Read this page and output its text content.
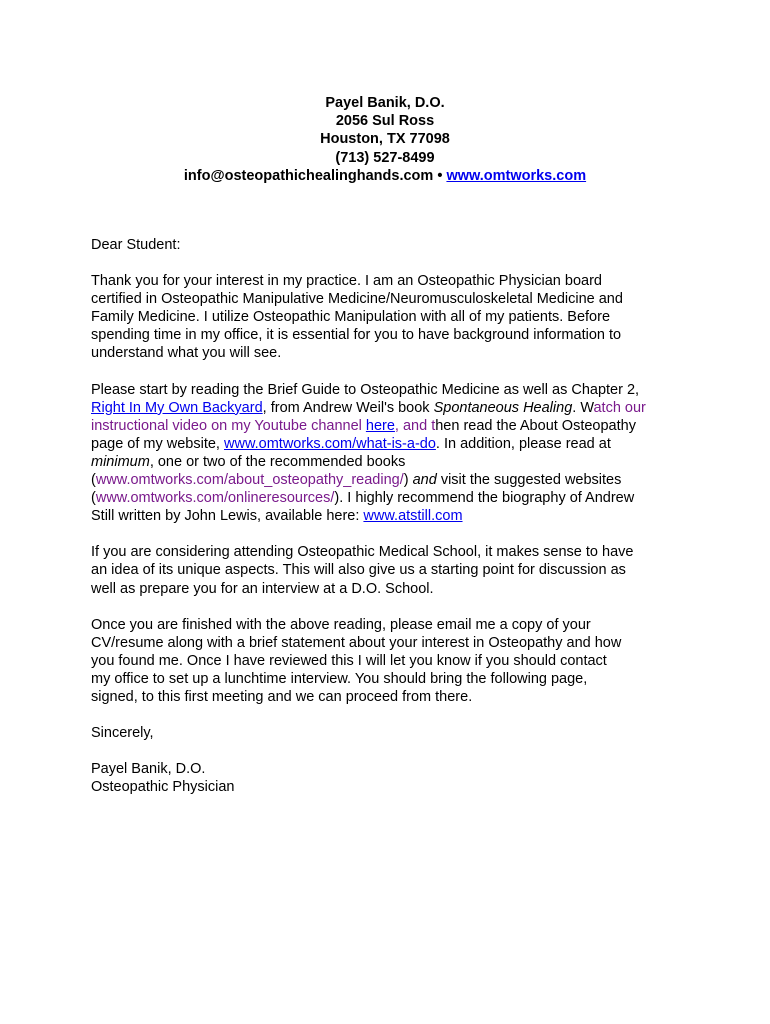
Payel Banik, D.O.
2056 Sul Ross
Houston, TX 77098
(713) 527-8499
info@osteopathichealinghands.com • www.omtworks.com
Dear Student:
Thank you for your interest in my practice. I am an Osteopathic Physician board
certified in Osteopathic Manipulative Medicine/Neuromusculoskeletal Medicine and
Family Medicine. I utilize Osteopathic Manipulation with all of my patients. Before
spending time in my office, it is essential for you to have background information to
understand what you will see.
Please start by reading the Brief Guide to Osteopathic Medicine as well as Chapter 2,
Right In My Own Backyard, from Andrew Weil's book Spontaneous Healing. Watch our
instructional video on my Youtube channel here, and then read the About Osteopathy
page of my website, www.omtworks.com/what-is-a-do. In addition, please read at
minimum, one or two of the recommended books
(www.omtworks.com/about_osteopathy_reading/) and visit the suggested websites
(www.omtworks.com/onlineresources/). I highly recommend the biography of Andrew
Still written by John Lewis, available here: www.atstill.com
If you are considering attending Osteopathic Medical School, it makes sense to have
an idea of its unique aspects. This will also give us a starting point for discussion as
well as prepare you for an interview at a D.O. School.
Once you are finished with the above reading, please email me a copy of your
CV/resume along with a brief statement about your interest in Osteopathy and how
you found me. Once I have reviewed this I will let you know if you should contact
my office to set up a lunchtime interview. You should bring the following page,
signed, to this first meeting and we can proceed from there.
Sincerely,
Payel Banik, D.O.
Osteopathic Physician
